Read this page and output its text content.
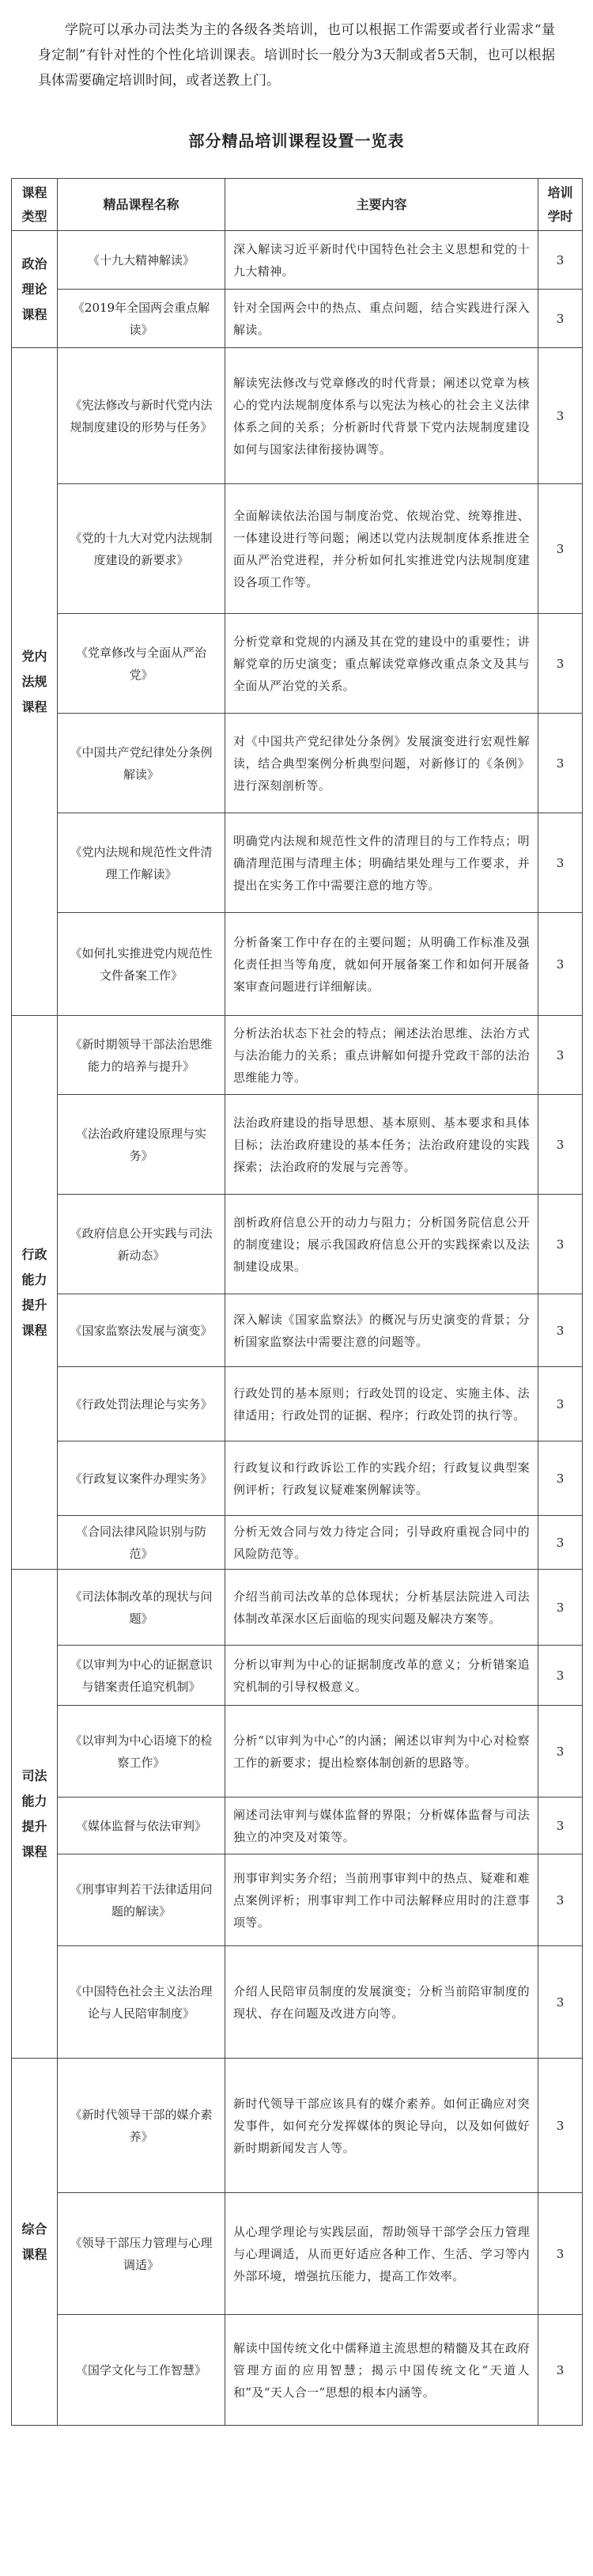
学院可以承办司法类为主的各级各类培训，也可以根据工作需要或者行业需求“量身定制”有针对性的个性化培训课表。培训时长一般分为3天制或者5天制，也可以根据具体需要确定培训时间，或者送教上门。

部分精品培训课程设置一览表
课程类型	精品课程名称	主要内容	培训学时
政治理论课程	《十九大精神解读》	深入解读习近平新时代中国特色社会主义思想和党的十九大精神。	3
	《2019年全国两会重点解读》	针对全国两会中的热点、重点问题，结合实践进行深入解读。	3
党内法规课程	《宪法修改与新时代党内法规制度建设的形势与任务》	解读宪法修改与党章修改的时代背景；阐述以党章为核心的党内法规制度体系与以宪法为核心的社会主义法律体系之间的关系；分析新时代背景下党内法规制度建设如何与国家法律衔接协调等。	3
	《党的十九大对党内法规制度建设的新要求》	全面解读依法治国与制度治党、依规治党、统筹推进、一体建设进行等问题；阐述以党内法规制度体系推进全面从严治党进程，并分析如何扎实推进党内法规制度建设各项工作等。	3
	《党章修改与全面从严治党》	分析党章和党规的内涵及其在党的建设中的重要性；讲解党章的历史演变；重点解读党章修改重点条文及其与全面从严治党的关系。	3
	《中国共产党纪律处分条例解读》	对《中国共产党纪律处分条例》发展演变进行宏观性解读，结合典型案例分析典型问题，对新修订的《条例》进行深刻剖析等。	3
	《党内法规和规范性文件清理工作解读》	明确党内法规和规范性文件的清理目的与工作特点；明确清理范围与清理主体；明确结果处理与工作要求，并提出在实务工作中需要注意的地方等。	3
	《如何扎实推进党内规范性文件备案工作》	分析备案工作中存在的主要问题；从明确工作标准及强化责任担当等角度，就如何开展备案工作和如何开展备案审查问题进行详细解读。	3
行政能力提升课程	《新时期领导干部法治思维能力的培养与提升》	分析法治状态下社会的特点；阐述法治思维、法治方式与法治能力的关系；重点讲解如何提升党政干部的法治思维能力等。	3
	《法治政府建设原理与实务》	法治政府建设的指导思想、基本原则、基本要求和具体目标；法治政府建设的基本任务；法治政府建设的实践探索；法治政府的发展与完善等。	3
	《政府信息公开实践与司法新动态》	剖析政府信息公开的动力与阻力；分析国务院信息公开的制度建设；展示我国政府信息公开的实践探索以及法制建设成果。	3
	《国家监察法发展与演变》	深入解读《国家监察法》的概况与历史演变的背景；分析国家监察法中需要注意的问题等。	3
	《行政处罚法理论与实务》	行政处罚的基本原则；行政处罚的设定、实施主体、法律适用；行政处罚的证据、程序；行政处罚的执行等。	3
	《行政复议案件办理实务》	行政复议和行政诉讼工作的实践介绍；行政复议典型案例评析；行政复议疑难案例解读等。	3
	《合同法律风险识别与防范》	分析无效合同与效力待定合同；引导政府重视合同中的风险防范等。	3
司法能力提升课程	《司法体制改革的现状与问题》	介绍当前司法改革的总体现状；分析基层法院进入司法体制改革深水区后面临的现实问题及解决方案等。	3
	《以审判为中心的证据意识与错案责任追究机制》	分析以审判为中心的证据制度改革的意义；分析错案追究机制的引导权极意义。	3
	《以审判为中心语境下的检察工作》	分析“以审判为中心”的内涵；阐述以审判为中心对检察工作的新要求；提出检察体制创新的思路等。	3
	《媒体监督与依法审判》	阐述司法审判与媒体监督的界限；分析媒体监督与司法独立的冲突及对策等。	3
	《刑事审判若干法律适用问题的解读》	刑事审判实务介绍；当前刑事审判中的热点、疑难和难点案例评析；刑事审判工作中司法解释应用时的注意事项等。	3
	《中国特色社会主义法治理论与人民陪审制度》	介绍人民陪审员制度的发展演变；分析当前陪审制度的现状、存在问题及改进方向等。	3
综合课程	《新时代领导干部的媒介素养》	新时代领导干部应该具有的媒介素养。如何正确应对突发事件，如何充分发挥媒体的舆论导向，以及如何做好新时期新闻发言人等。	3
	《领导干部压力管理与心理调适》	从心理学理论与实践层面，帮助领导干部学会压力管理与心理调适，从而更好适应各种工作、生活、学习等内外部环境，增强抗压能力，提高工作效率。	3
	《国学文化与工作智慧》	解读中国传统文化中儒释道主流思想的精髓及其在政府管理方面的应用智慧；揭示中国传统文化“天道人和”及“天人合一”思想的根本内涵等。	3
